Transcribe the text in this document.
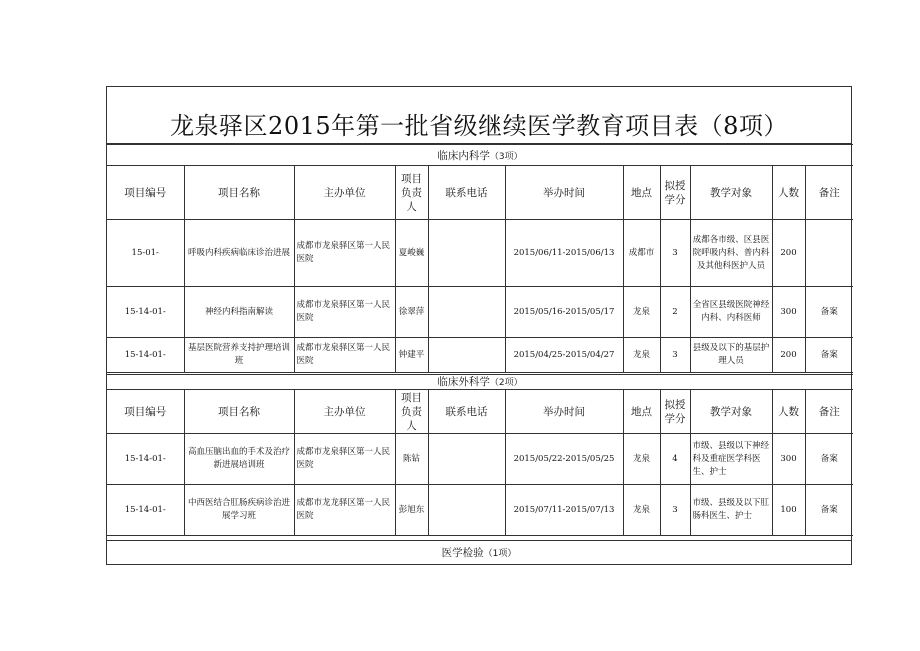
龙泉驿区2015年第一批省级继续医学教育项目表（8项）
临床内科学（3项）										
项目编号	项目名称	主办单位	项目负责人	联系电话	举办时间	地点	拟授学分	教学对象	人数	备注
15-01-	呼吸内科疾病临床诊治进展	成都市龙泉驿区第一人民医院	夏峻巍		2015/06/11-2015/06/13	成都市	3	成都各市级、区县医院呼吸内科、普内科及其他科医护人员	200	
15-14-01-	神经内科指南解读	成都市龙泉驿区第一人民医院	徐翠萍		2015/05/16-2015/05/17	龙泉	2	全省区县级医院神经内科、内科医师	300	备案
15-14-01-	基层医院营养支持护理培训班	成都市龙泉驿区第一人民医院	钟建平		2015/04/25-2015/04/27	龙泉	3	县级及以下的基层护理人员	200	备案
临床外科学（2项）										
项目编号	项目名称	主办单位	项目负责人	联系电话	举办时间	地点	拟授学分	教学对象	人数	备注
15-14-01-	高血压脑出血的手术及治疗新进展培训班	成都市龙泉驿区第一人民医院	陈钻		2015/05/22-2015/05/25	龙泉	4	市级、县级以下神经科及重症医学科医生、护士	300	备案
15-14-01-	中西医结合肛肠疾病诊治进展学习班	成都市龙龙驿区第一人民医院	彭旭东		2015/07/11-2015/07/13	龙泉	3	市级、县级及以下肛肠科医生、护士	100	备案
医学检验（1项）
